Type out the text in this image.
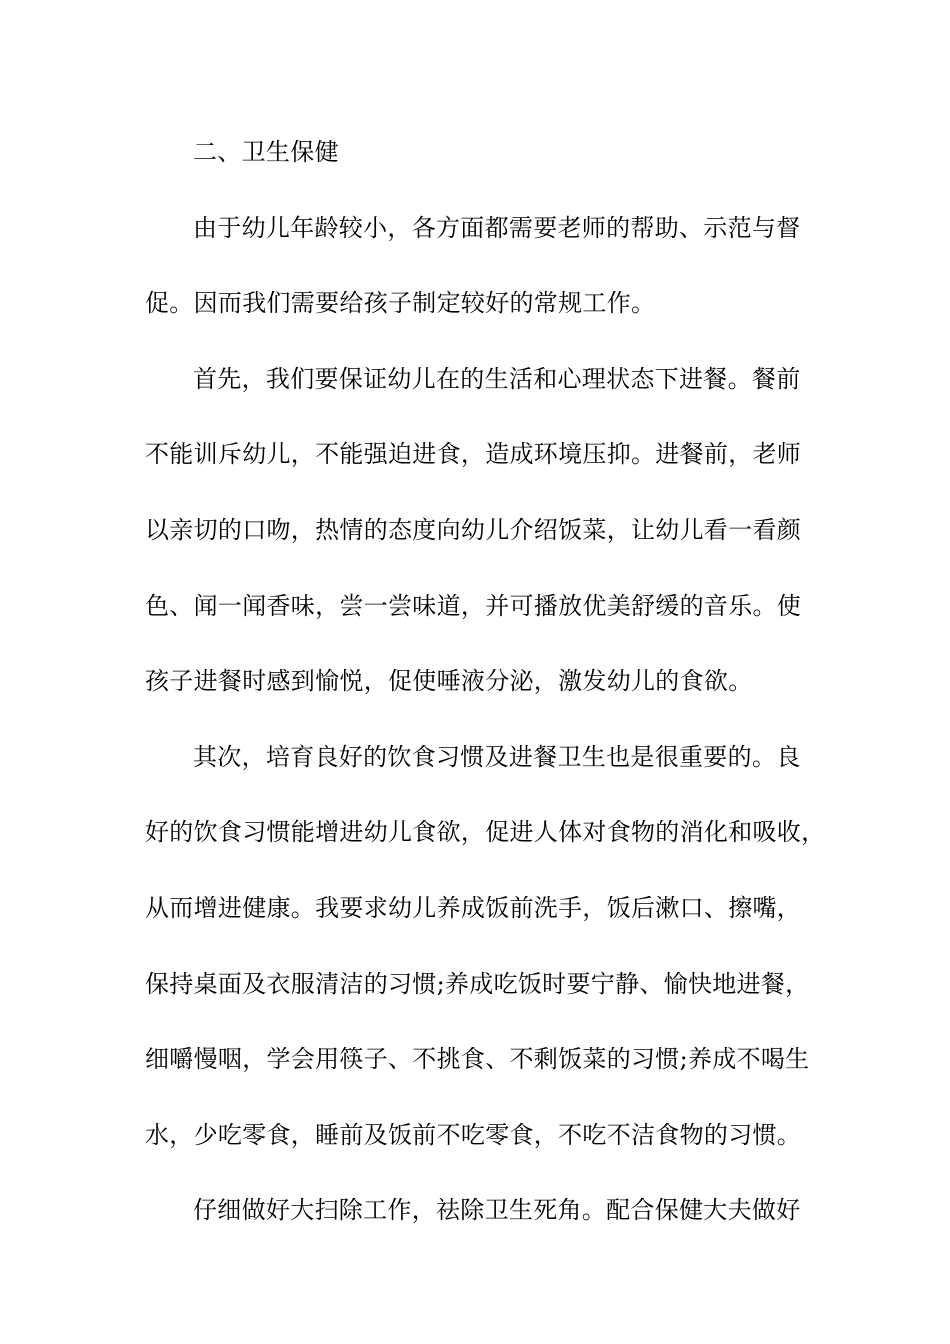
二、卫生保健
由于幼儿年龄较小，各方面都需要老师的帮助、示范与督
促。因而我们需要给孩子制定较好的常规工作。
首先，我们要保证幼儿在的生活和心理状态下进餐。餐前
不能训斥幼儿，不能强迫进食，造成环境压抑。进餐前，老师
以亲切的口吻，热情的态度向幼儿介绍饭菜，让幼儿看一看颜
色、闻一闻香味，尝一尝味道，并可播放优美舒缓的音乐。使
孩子进餐时感到愉悦，促使唾液分泌，激发幼儿的食欲。
其次，培育良好的饮食习惯及进餐卫生也是很重要的。良
好的饮食习惯能增进幼儿食欲，促进人体对食物的消化和吸收，
从而增进健康。我要求幼儿养成饭前洗手，饭后漱口、擦嘴，
保持桌面及衣服清洁的习惯;养成吃饭时要宁静、愉快地进餐，
细嚼慢咽，学会用筷子、不挑食、不剩饭菜的习惯;养成不喝生
水，少吃零食，睡前及饭前不吃零食，不吃不洁食物的习惯。
仔细做好大扫除工作，祛除卫生死角。配合保健大夫做好
